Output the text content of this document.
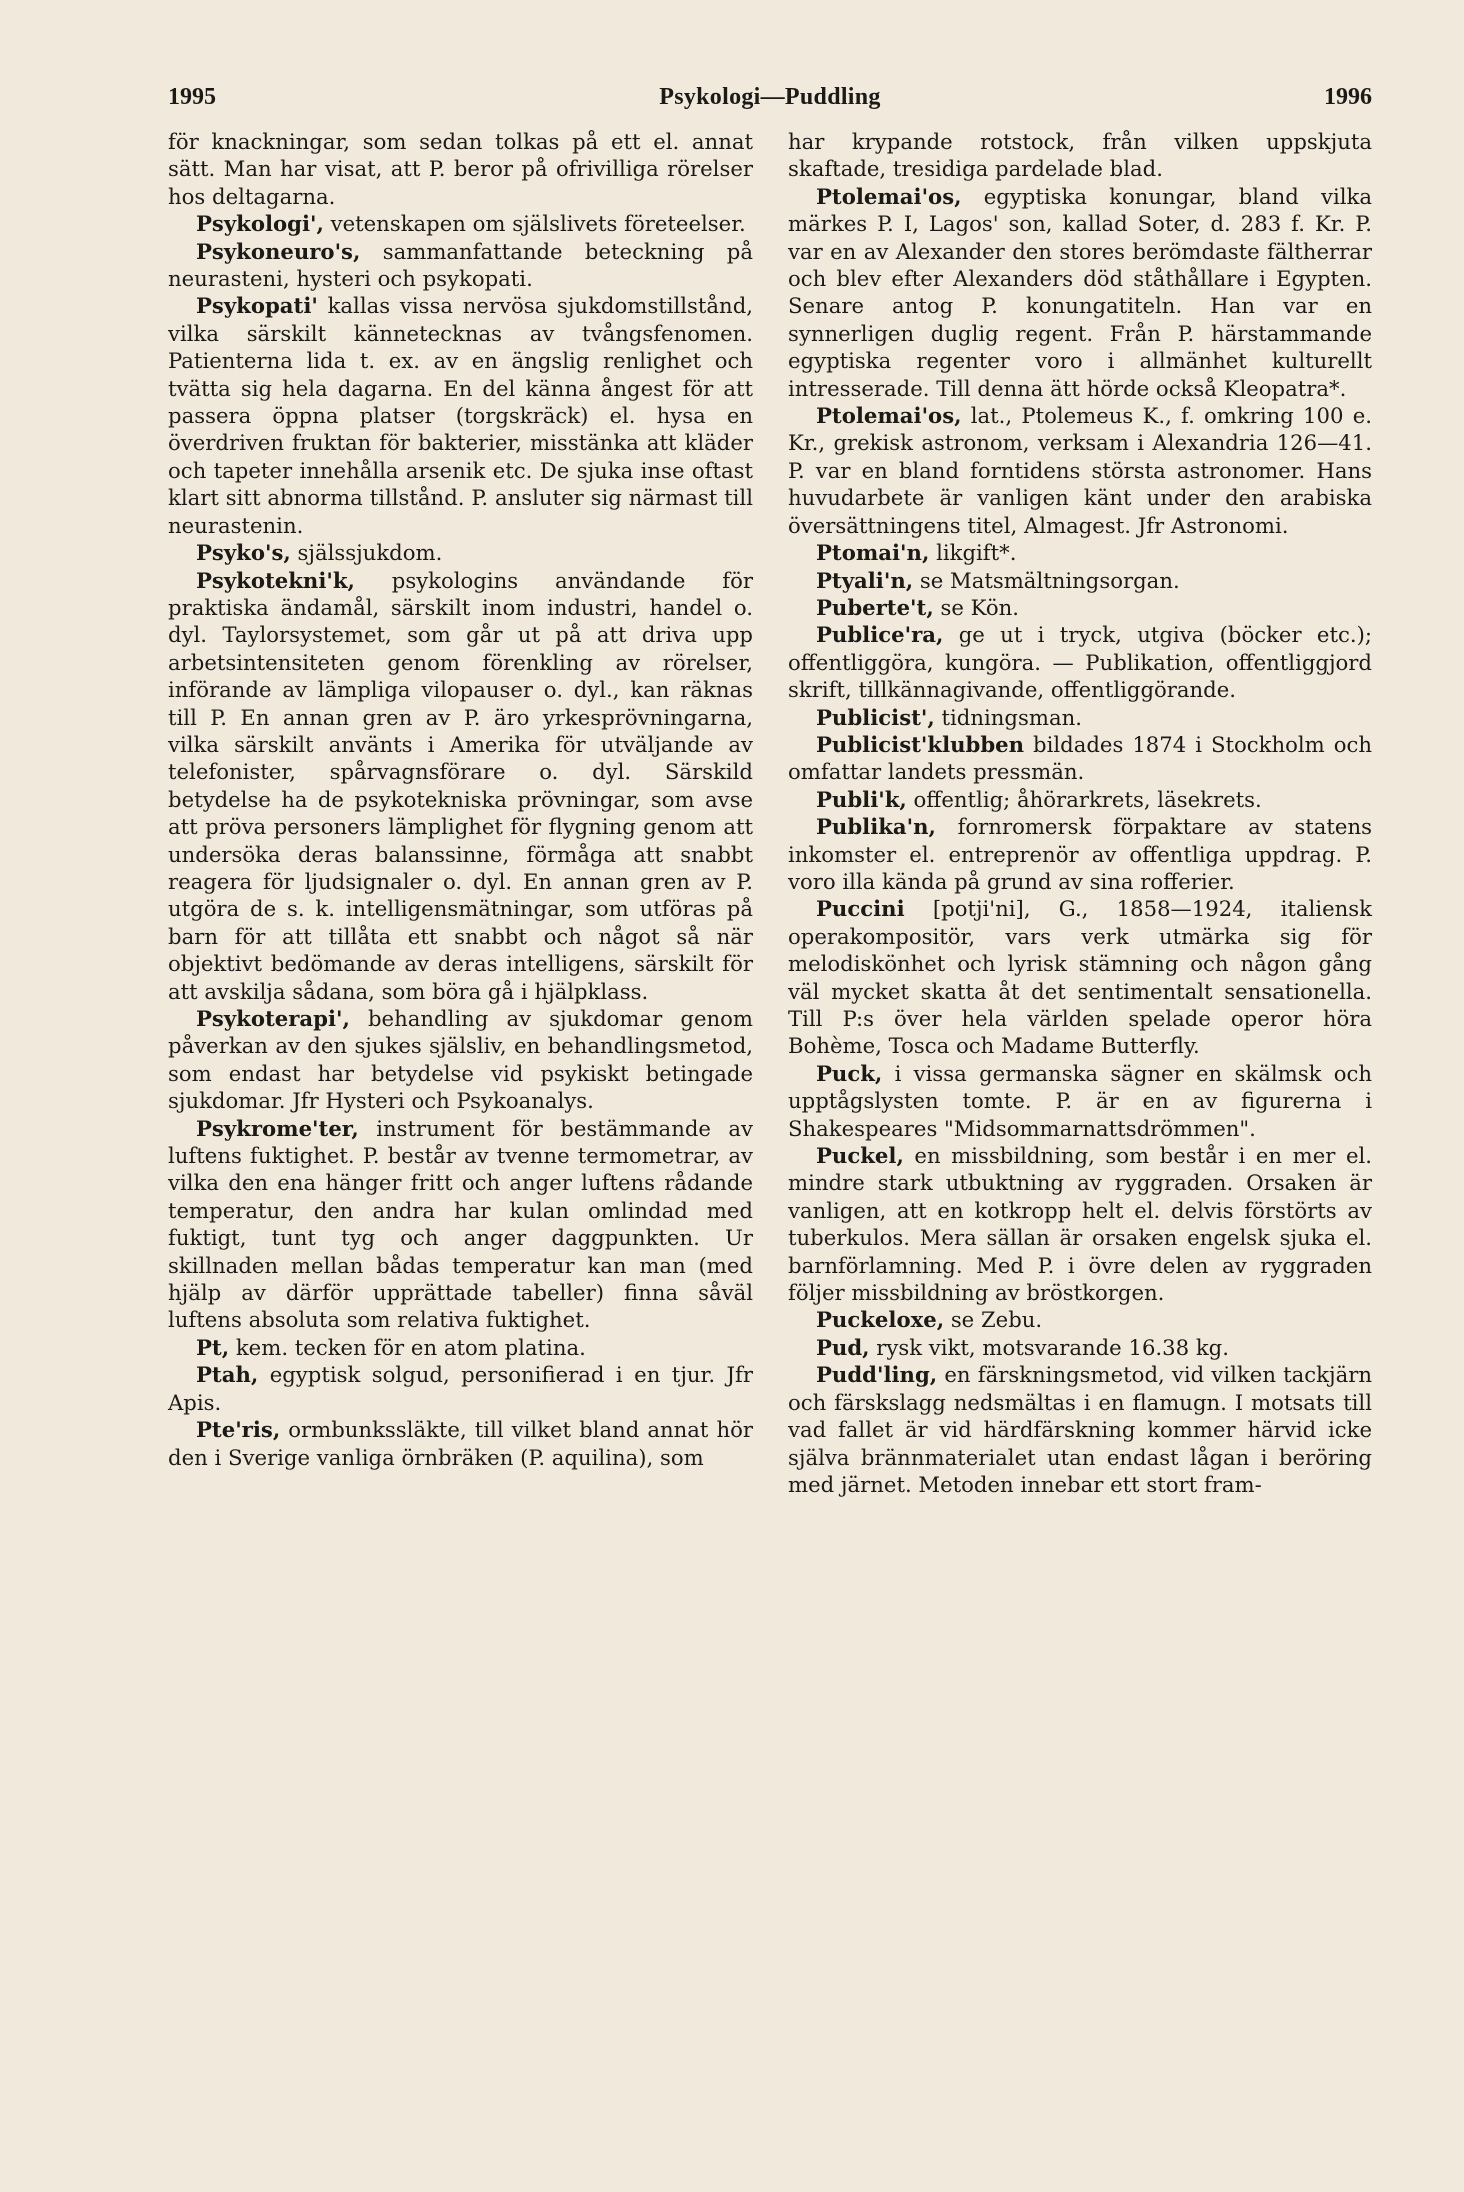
1995	Psykologi—Puddling	1996

för knackningar, som sedan tolkas på ett el. annat sätt. Man har visat, att P. beror på ofrivilliga rörelser hos deltagarna.

Psykologi', vetenskapen om själslivets företeelser.

Psykoneuro's, sammanfattande beteckning på neurasteni, hysteri och psykopati.

Psykopati' kallas vissa nervösa sjukdomstillstånd, vilka särskilt kännetecknas av tvångsfenomen. Patienterna lida t. ex. av en ängslig renlighet och tvätta sig hela dagarna. En del känna ångest för att passera öppna platser (torgskräck) el. hysa en överdriven fruktan för bakterier, misstänka att kläder och tapeter innehålla arsenik etc. De sjuka inse oftast klart sitt abnorma tillstånd. P. ansluter sig närmast till neurastenin.

Psyko's, själssjukdom.

Psykotekni'k, psykologins användande för praktiska ändamål, särskilt inom industri, handel o. dyl. Taylorsystemet, som går ut på att driva upp arbetsintensiteten genom förenkling av rörelser, införande av lämpliga vilopauser o. dyl., kan räknas till P. En annan gren av P. äro yrkesprövningarna, vilka särskilt använts i Amerika för utväljande av telefonister, spårvagnsförare o. dyl. Särskild betydelse ha de psykotekniska prövningar, som avse att pröva personers lämplighet för flygning genom att undersöka deras balanssinne, förmåga att snabbt reagera för ljudsignaler o. dyl. En annan gren av P. utgöra de s. k. intelligensmätningar, som utföras på barn för att tillåta ett snabbt och något så när objektivt bedömande av deras intelligens, särskilt för att avskilja sådana, som böra gå i hjälpklass.

Psykoterapi', behandling av sjukdomar genom påverkan av den sjukes själsliv, en behandlingsmetod, som endast har betydelse vid psykiskt betingade sjukdomar. Jfr Hysteri och Psykoanalys.

Psykrome'ter, instrument för bestämmande av luftens fuktighet. P. består av tvenne termometrar, av vilka den ena hänger fritt och anger luftens rådande temperatur, den andra har kulan omlindad med fuktigt, tunt tyg och anger daggpunkten. Ur skillnaden mellan bådas temperatur kan man (med hjälp av därför upprättade tabeller) finna såväl luftens absoluta som relativa fuktighet.

Pt, kem. tecken för en atom platina.

Ptah, egyptisk solgud, personifierad i en tjur. Jfr Apis.

Pte'ris, ormbunkssläkte, till vilket bland annat hör den i Sverige vanliga örnbräken (P. aquilina), som

har krypande rotstock, från vilken uppskjuta skaftade, tresidiga pardelade blad.

Ptolemai'os, egyptiska konungar, bland vilka märkes P. I, Lagos' son, kallad Soter, d. 283 f. Kr. P. var en av Alexander den stores berömdaste fältherrar och blev efter Alexanders död ståthållare i Egypten. Senare antog P. konungatiteln. Han var en synnerligen duglig regent. Från P. härstammande egyptiska regenter voro i allmänhet kulturellt intresserade. Till denna ätt hörde också Kleopatra*.

Ptolemai'os, lat., Ptolemeus K., f. omkring 100 e. Kr., grekisk astronom, verksam i Alexandria 126—41. P. var en bland forntidens största astronomer. Hans huvudarbete är vanligen känt under den arabiska översättningens titel, Almagest. Jfr Astronomi.

Ptomai'n, likgift*.

Ptyali'n, se Matsmältningsorgan.

Puberte't, se Kön.

Publice'ra, ge ut i tryck, utgiva (böcker etc.); offentliggöra, kungöra. — Publikation, offentliggjord skrift, tillkännagivande, offentliggörande.

Publicist', tidningsman.

Publicist'klubben bildades 1874 i Stockholm och omfattar landets pressmän.

Publi'k, offentlig; åhörarkrets, läsekrets.

Publika'n, fornromersk förpaktare av statens inkomster el. entreprenör av offentliga uppdrag. P. voro illa kända på grund av sina rofferier.

Puccini [potji'ni], G., 1858—1924, italiensk operakompositör, vars verk utmärka sig för melodiskönhet och lyrisk stämning och någon gång väl mycket skatta åt det sentimentalt sensationella. Till P:s över hela världen spelade operor höra Bohème, Tosca och Madame Butterfly.

Puck, i vissa germanska sägner en skälmsk och upptågslysten tomte. P. är en av figurerna i Shakespeares "Midsommarnattsdrömmen".

Puckel, en missbildning, som består i en mer el. mindre stark utbuktning av ryggraden. Orsaken är vanligen, att en kotkropp helt el. delvis förstörts av tuberkulos. Mera sällan är orsaken engelsk sjuka el. barnförlamning. Med P. i övre delen av ryggraden följer missbildning av bröstkorgen.

Puckeloxe, se Zebu.

Pud, rysk vikt, motsvarande 16.38 kg.

Pudd'ling, en färskningsmetod, vid vilken tackjärn och färskslagg nedsmältas i en flamugn. I motsats till vad fallet är vid härdfärskning kommer härvid icke själva brännmaterialet utan endast lågan i beröring med järnet. Metoden innebar ett stort fram-
